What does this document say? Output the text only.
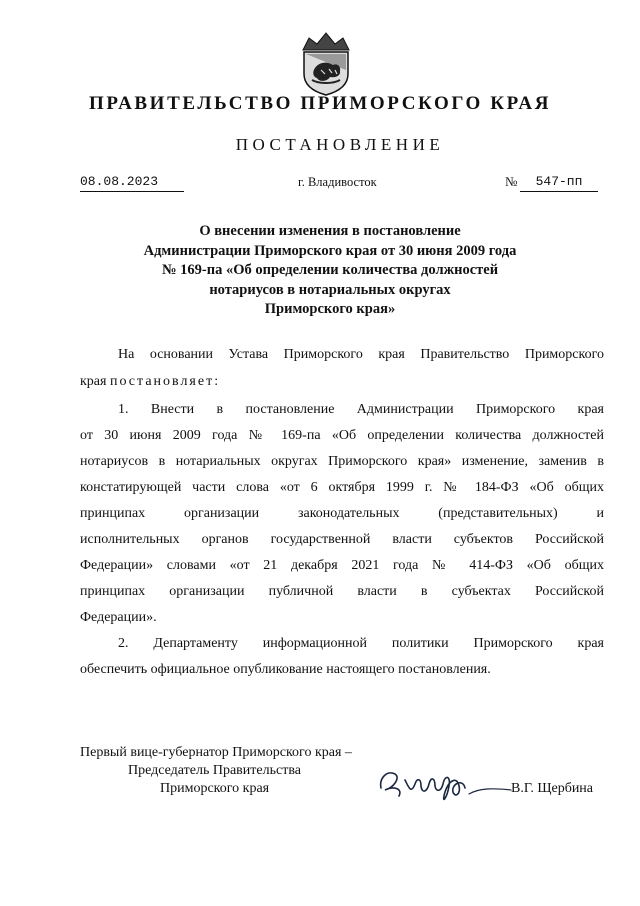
ПРАВИТЕЛЬСТВО ПРИМОРСКОГО КРАЯ
ПОСТАНОВЛЕНИЕ
08.08.2023	г. Владивосток	№	547-пп
О внесении изменения в постановление
Администрации Приморского края от 30 июня 2009 года
№ 169-па «Об определении количества должностей
нотариусов в нотариальных округах
Приморского края»
На основании Устава Приморского края Правительство Приморского
края постановляет:
1. Внести в постановление Администрации Приморского края
от 30 июня 2009 года № 169-па «Об определении количества должностей
нотариусов в нотариальных округах Приморского края» изменение, заменив в
констатирующей части слова «от 6 октября 1999 г. № 184-ФЗ «Об общих
принципах организации законодательных (представительных) и
исполнительных органов государственной власти субъектов Российской
Федерации» словами «от 21 декабря 2021 года № 414-ФЗ «Об общих
принципах организации публичной власти в субъектах Российской
Федерации».
2. Департаменту информационной политики Приморского края
обеспечить официальное опубликование настоящего постановления.
Первый вице-губернатор Приморского края –
Председатель Правительства
Приморского края	В.Г. Щербина
